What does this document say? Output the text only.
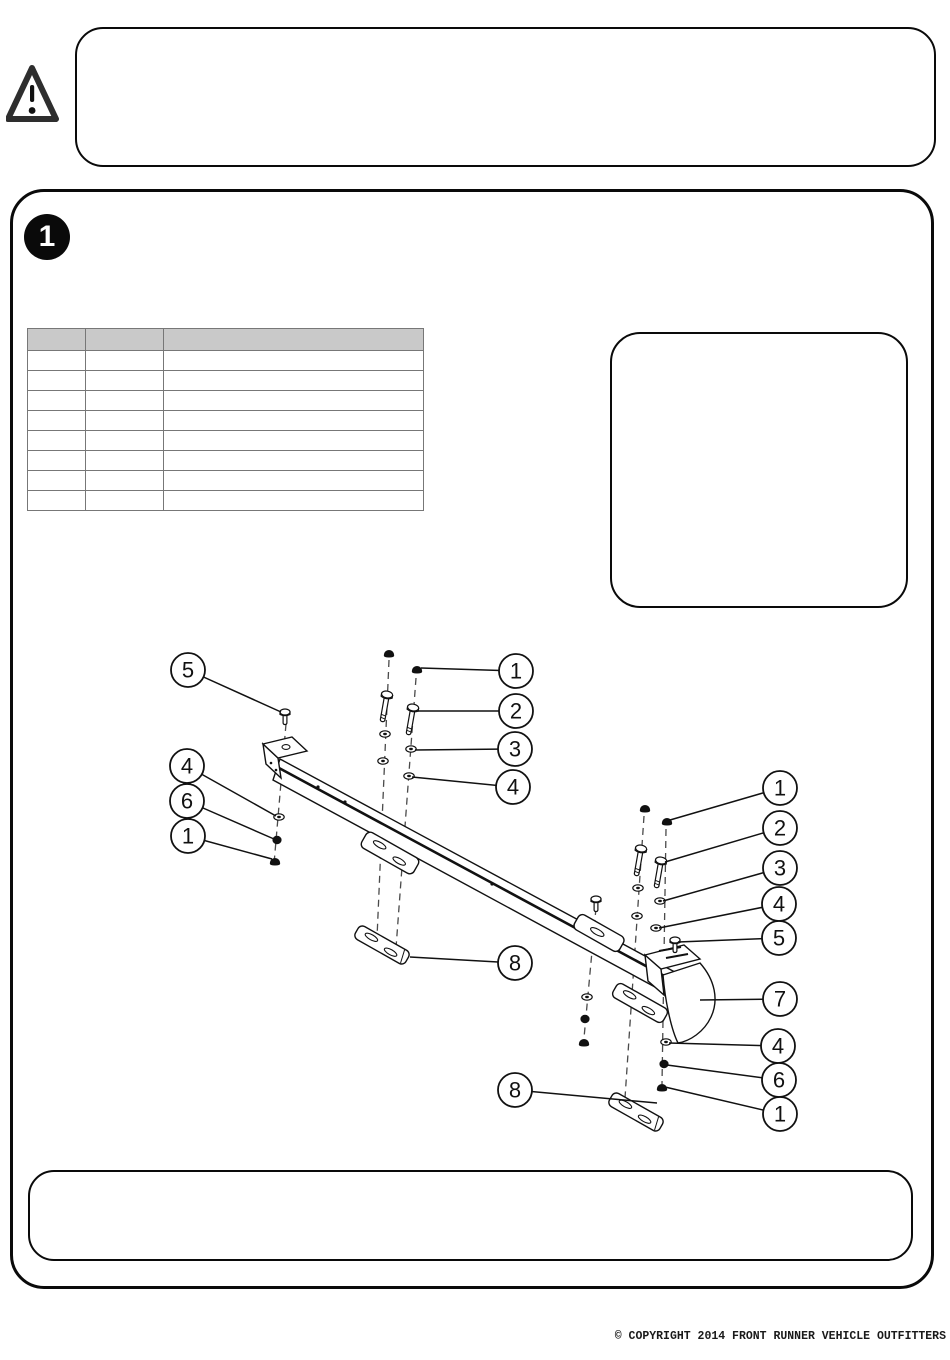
1

5
4
6
1
1
2
3
4	1
2
3
4
5
7
4
6
1
8
8
© COPYRIGHT 2014 FRONT RUNNER VEHICLE OUTFITTERS
